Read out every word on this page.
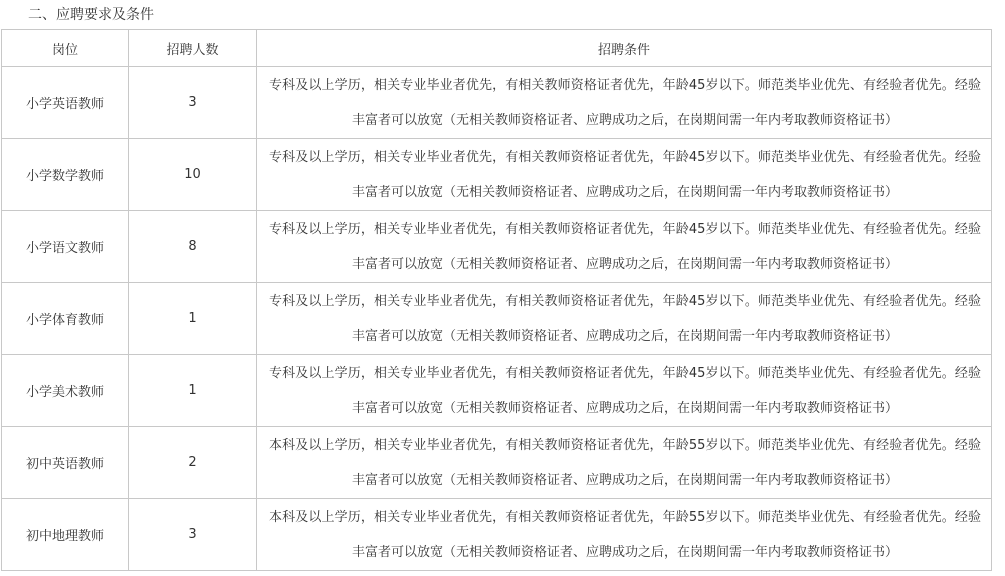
二、应聘要求及条件
岗位	招聘人数	招聘条件
小学英语教师	3	专科及以上学历，相关专业毕业者优先，有相关教师资格证者优先，年龄45岁以下。师范类毕业优先、有经验者优先。经验丰富者可以放宽（无相关教师资格证者、应聘成功之后，在岗期间需一年内考取教师资格证书）
小学数学教师	10	专科及以上学历，相关专业毕业者优先，有相关教师资格证者优先，年龄45岁以下。师范类毕业优先、有经验者优先。经验丰富者可以放宽（无相关教师资格证者、应聘成功之后，在岗期间需一年内考取教师资格证书）
小学语文教师	8	专科及以上学历，相关专业毕业者优先，有相关教师资格证者优先，年龄45岁以下。师范类毕业优先、有经验者优先。经验丰富者可以放宽（无相关教师资格证者、应聘成功之后，在岗期间需一年内考取教师资格证书）
小学体育教师	1	专科及以上学历，相关专业毕业者优先，有相关教师资格证者优先，年龄45岁以下。师范类毕业优先、有经验者优先。经验丰富者可以放宽（无相关教师资格证者、应聘成功之后，在岗期间需一年内考取教师资格证书）
小学美术教师	1	专科及以上学历，相关专业毕业者优先，有相关教师资格证者优先，年龄45岁以下。师范类毕业优先、有经验者优先。经验丰富者可以放宽（无相关教师资格证者、应聘成功之后，在岗期间需一年内考取教师资格证书）
初中英语教师	2	本科及以上学历，相关专业毕业者优先，有相关教师资格证者优先，年龄55岁以下。师范类毕业优先、有经验者优先。经验丰富者可以放宽（无相关教师资格证者、应聘成功之后，在岗期间需一年内考取教师资格证书）
初中地理教师	3	本科及以上学历，相关专业毕业者优先，有相关教师资格证者优先，年龄55岁以下。师范类毕业优先、有经验者优先。经验丰富者可以放宽（无相关教师资格证者、应聘成功之后，在岗期间需一年内考取教师资格证书）
